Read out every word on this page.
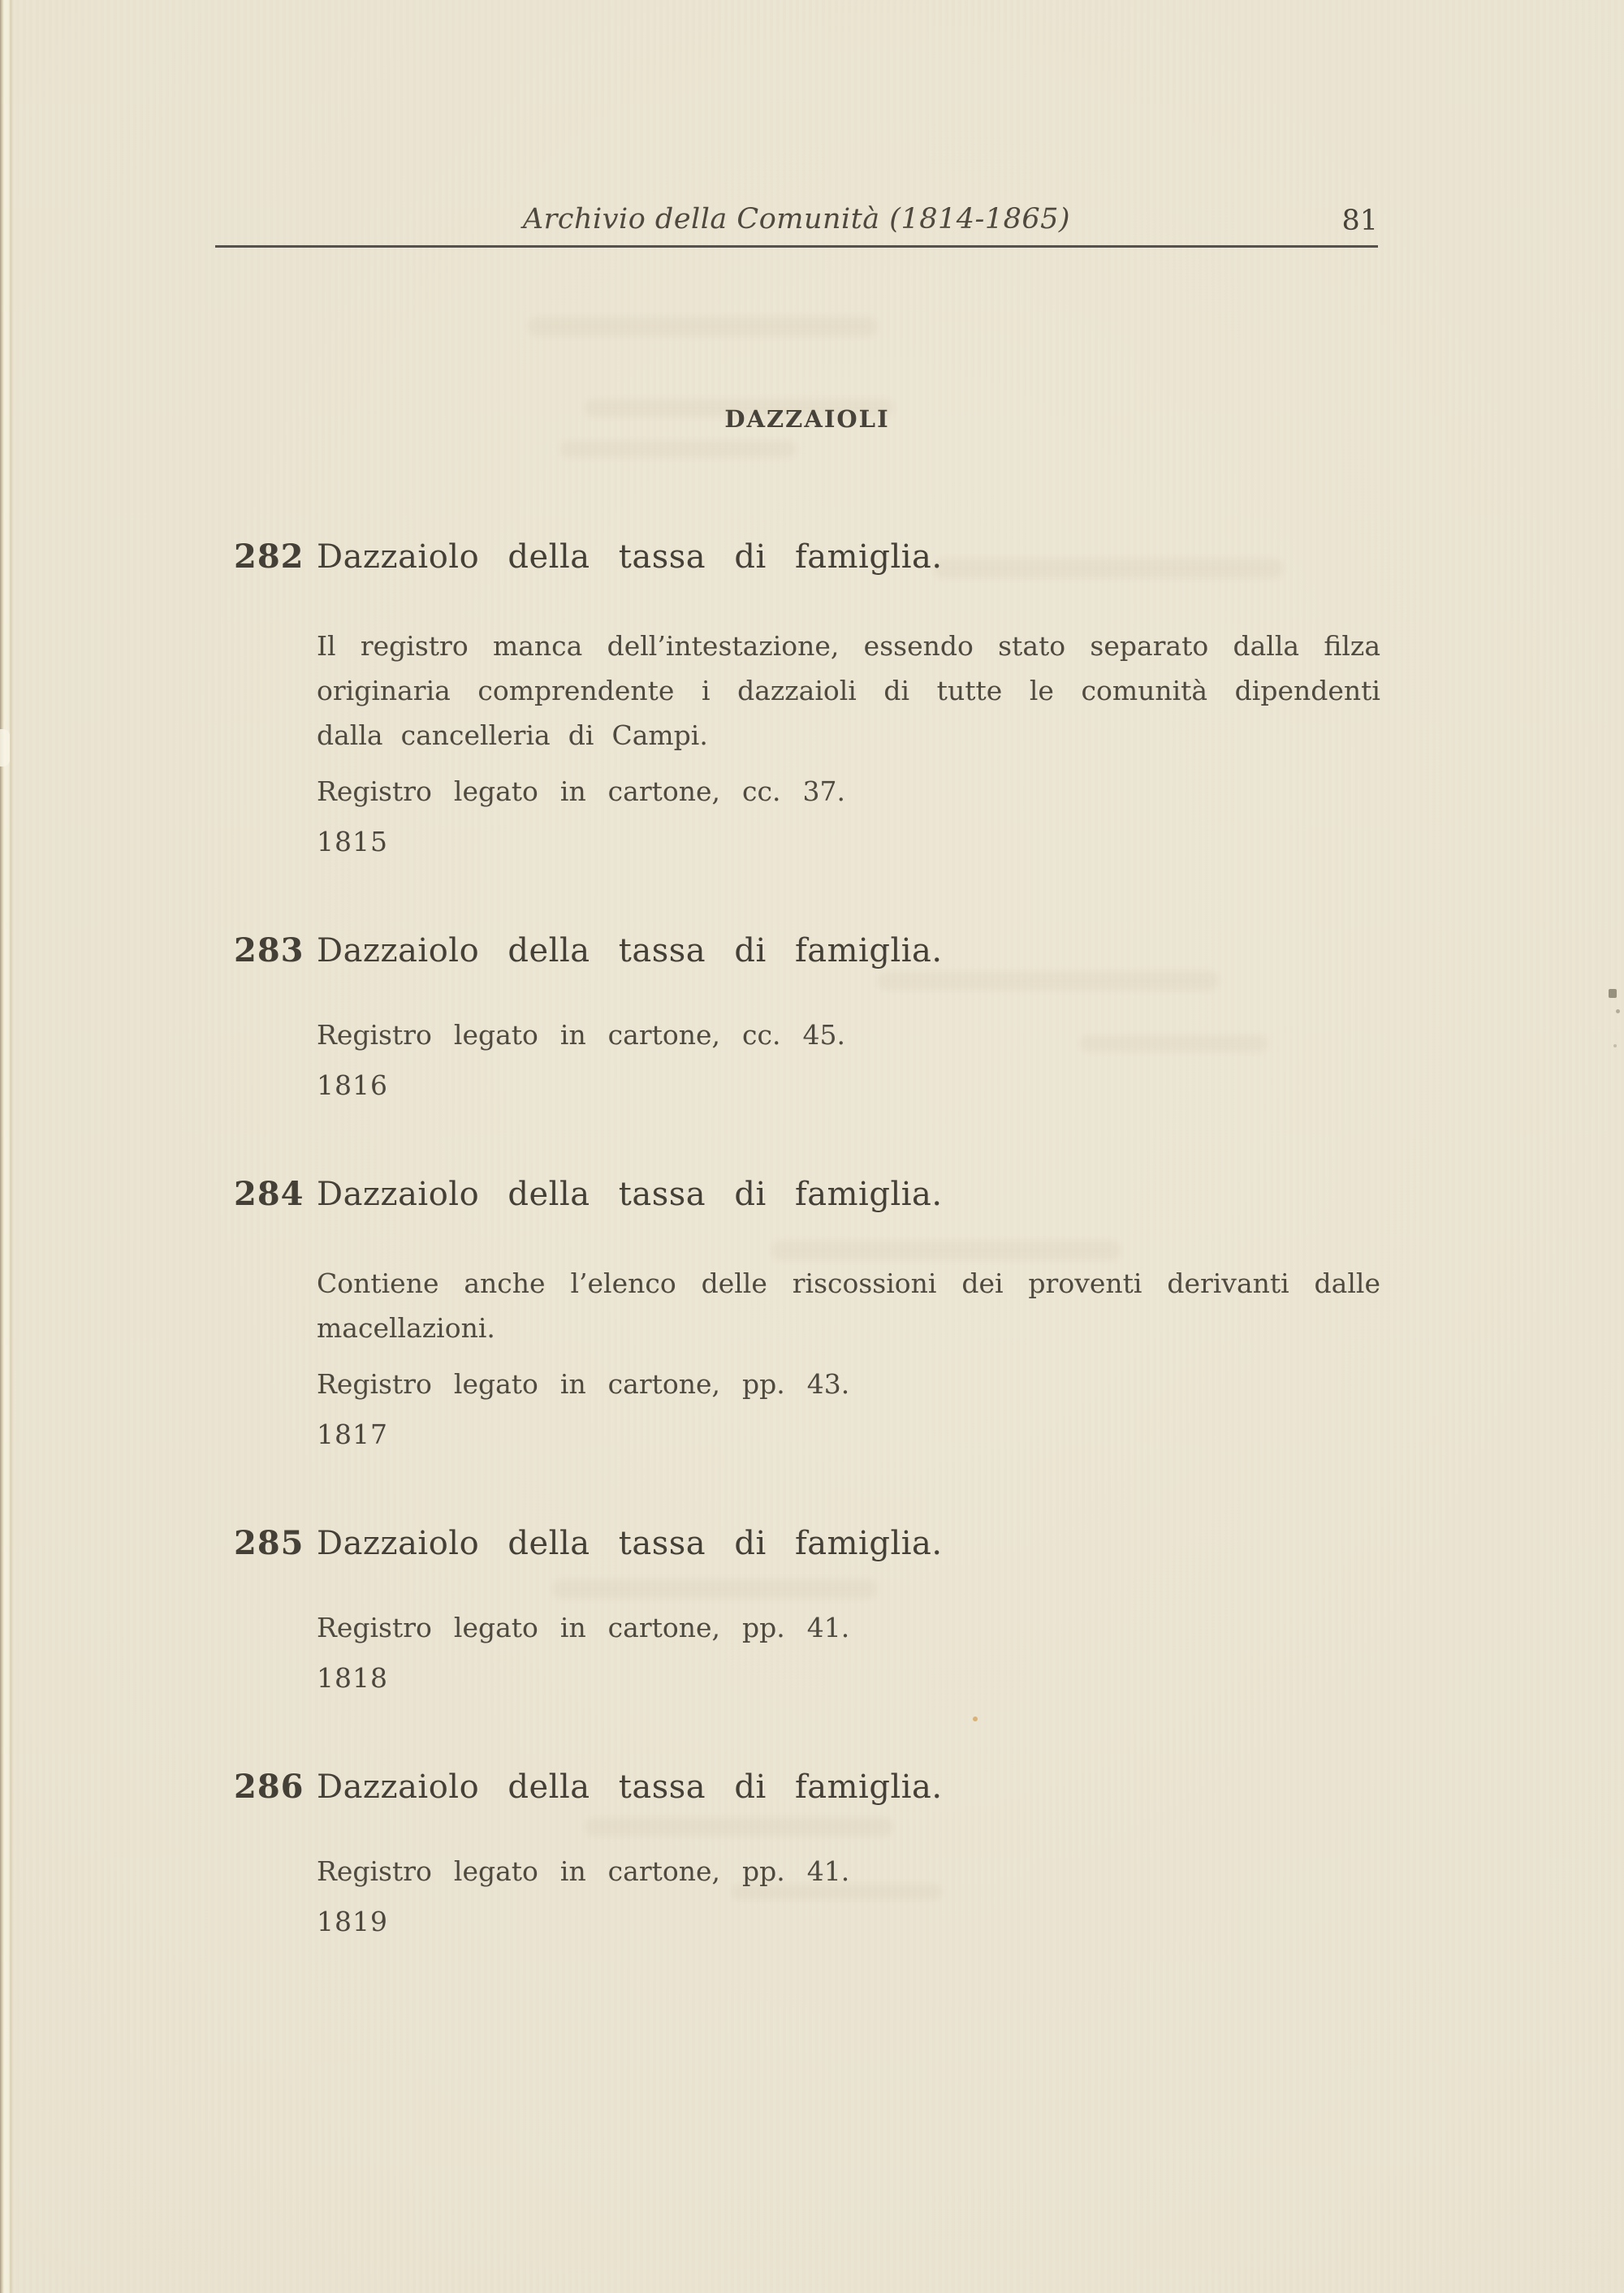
Archivio della Comunità (1814-1865)	81
DAZZAIOLI
282 Dazzaiolo della tassa di famiglia.

Il registro manca dell’intestazione, essendo stato separato dalla filza originaria comprendente i dazzaioli di tutte le comunità dipendenti dalla cancelleria di Campi.

Registro legato in cartone, cc. 37.

1815

283 Dazzaiolo della tassa di famiglia.

Registro legato in cartone, cc. 45.

1816

284 Dazzaiolo della tassa di famiglia.

Contiene anche l’elenco delle riscossioni dei proventi derivanti dalle macellazioni.

Registro legato in cartone, pp. 43.

1817

285 Dazzaiolo della tassa di famiglia.

Registro legato in cartone, pp. 41.

1818

286 Dazzaiolo della tassa di famiglia.

Registro legato in cartone, pp. 41.

1819
